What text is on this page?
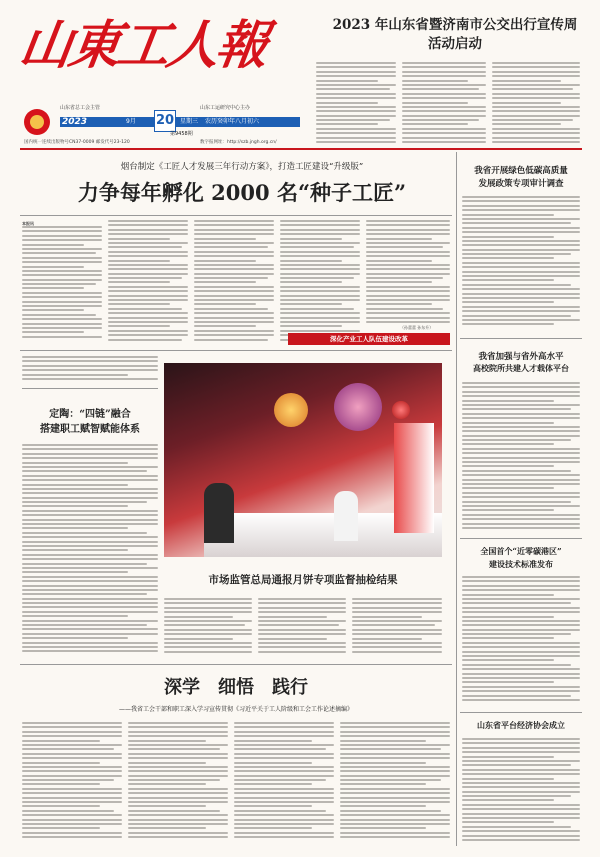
山東工人報
山东省总工会主管	山东工运研究中心主办
2023	9月	星期三 农历癸卯年八月初六
20
第9458期
国内统一连续出版物号CN37-0009 邮发代号23-120	数字报网址：http://szb.jngh.org.cn/
2023 年山东省暨济南市公交出行宣传周活动启动
烟台制定《工匠人才发展三年行动方案》，打造工匠建设“升级版”
力争每年孵化 2000 名“种子工匠”
本报讯
（孙蕾蕾 孙东升）
深化产业工人队伍建设改革
定陶：“四链”融合
搭建职工赋智赋能体系
市场监管总局通报月饼专项监督抽检结果
深学　细悟　践行
——我省工会干部和职工深入学习宣传贯彻《习近平关于工人阶级和工会工作论述摘编》
我省开展绿色低碳高质量
发展政策专项审计调查
我省加强与省外高水平
高校院所共建人才载体平台
全国首个“近零碳港区”
建设技术标准发布
山东省平台经济协会成立
